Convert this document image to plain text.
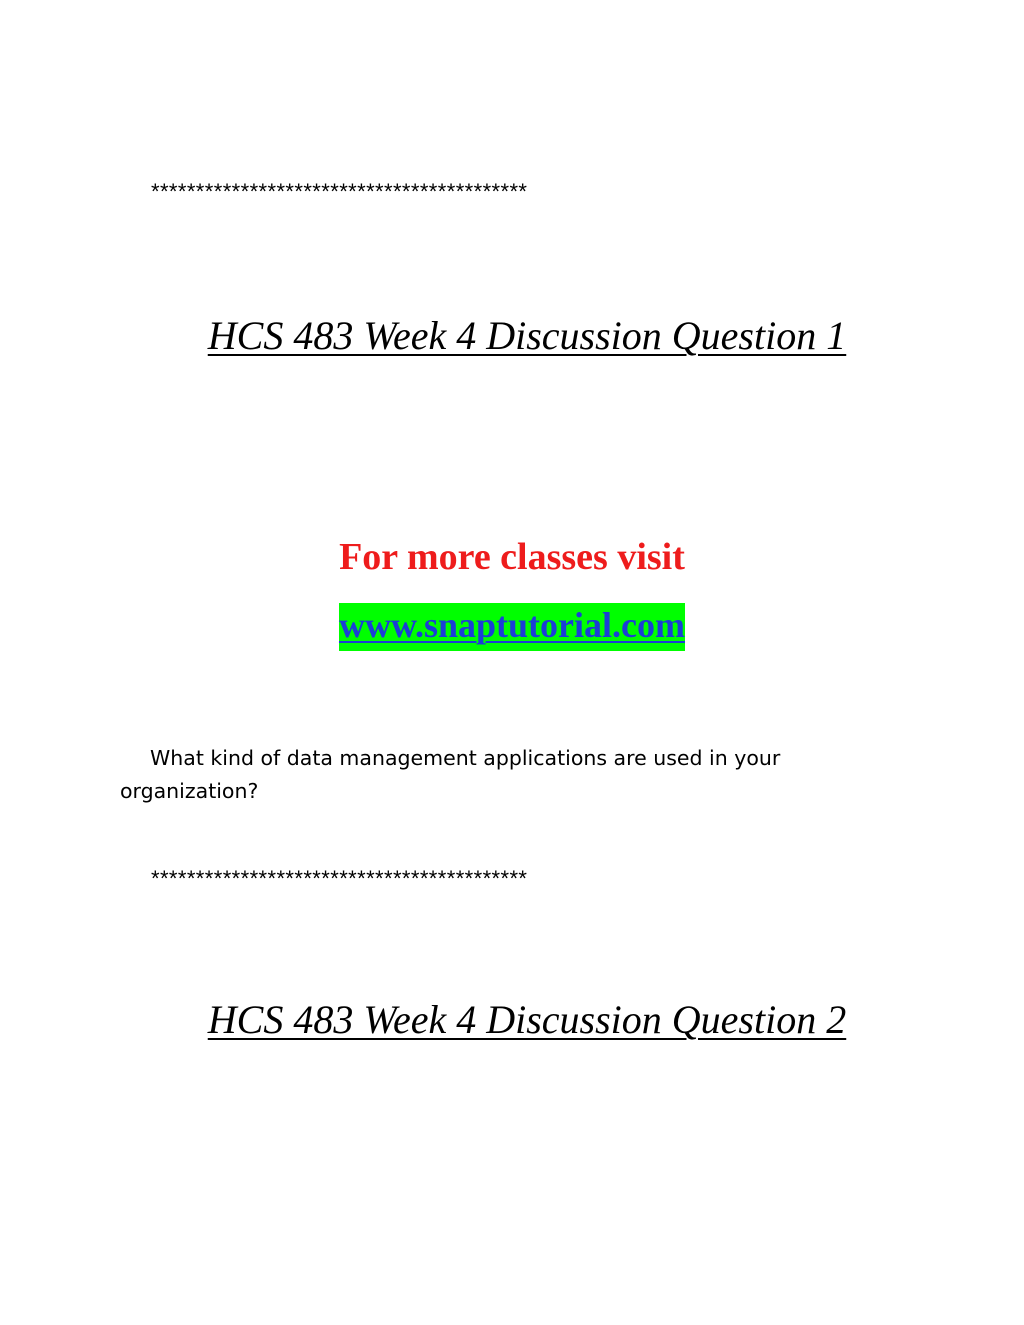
******************************************
HCS 483 Week 4 Discussion Question 1
For more classes visit
www.snaptutorial.com
What kind of data management applications are used in your organization?
******************************************
HCS 483 Week 4 Discussion Question 2
